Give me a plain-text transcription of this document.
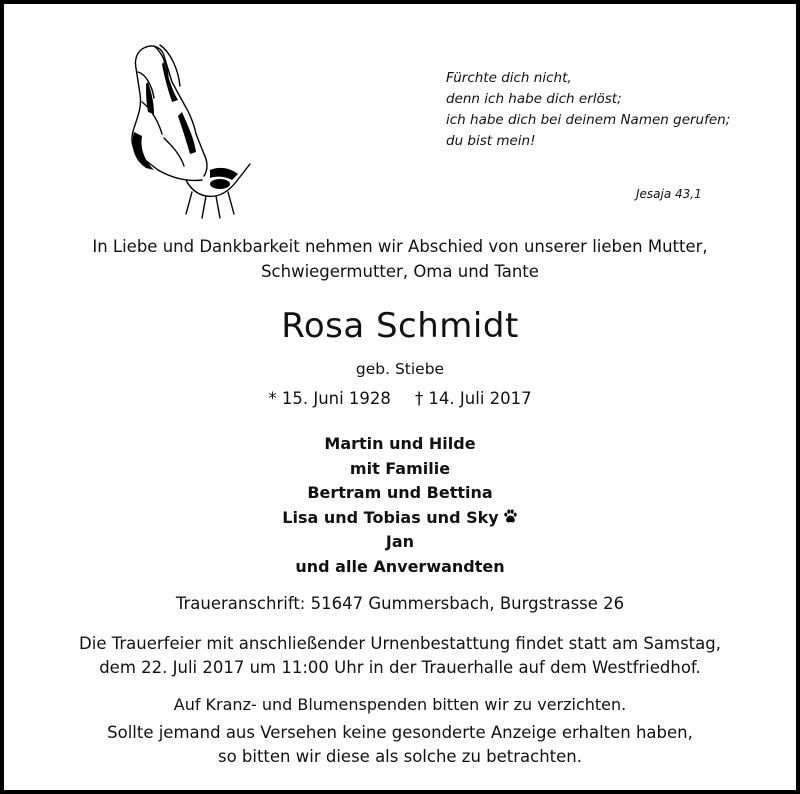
Fürchte dich nicht,
denn ich habe dich erlöst;
ich habe dich bei deinem Namen gerufen;
du bist mein!
Jesaja 43,1
In Liebe und Dankbarkeit nehmen wir Abschied von unserer lieben Mutter,
Schwiegermutter, Oma und Tante
Rosa Schmidt
geb. Stiebe
* 15. Juni 1928 † 14. Juli 2017
Martin und Hilde
mit Familie
Bertram und Bettina
Lisa und Tobias und Sky
Jan
und alle Anverwandten
Traueranschrift: 51647 Gummersbach, Burgstrasse 26
Die Trauerfeier mit anschließender Urnenbestattung findet statt am Samstag,
dem 22. Juli 2017 um 11:00 Uhr in der Trauerhalle auf dem Westfriedhof.
Auf Kranz- und Blumenspenden bitten wir zu verzichten.
Sollte jemand aus Versehen keine gesonderte Anzeige erhalten haben,
so bitten wir diese als solche zu betrachten.
